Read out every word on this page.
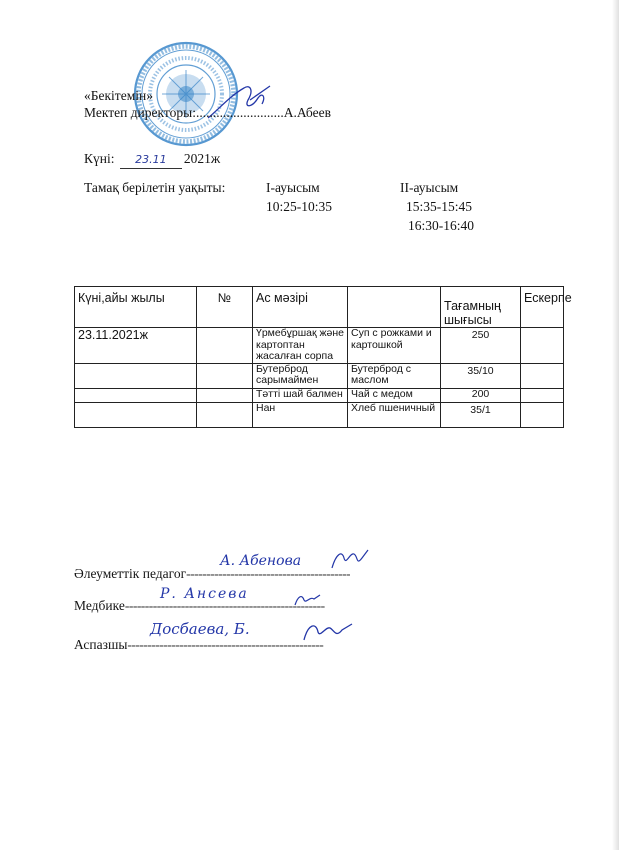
«Бекітемін»
Мектеп директоры:..........................А.Абеев
Күні: 23.11 2021ж
Тамақ берілетін уақыты:	I-ауысым
10:25-10:35
II-ауысым
15:35-15:45
16:30-16:40
Күні,айы жылы	№	Ас мәзірі		Тағамның шығысы	Ескерпе
23.11.2021ж		Үрмебұршақ және картоптан жасалған сорпа	Суп с рожками и картошкой	250	
		Бутерброд сарымаймен	Бутерброд с маслом	35/10	
		Тәтті шай балмен	Чай с медом	200	
		Нан	Хлеб пшеничный	35/1	
Әлеуметтік педагог-----------------------------------------
А. Абенова
Медбике--------------------------------------------------
Р. Ансева
Аспазшы-------------------------------------------------
Досбаева, Б.
